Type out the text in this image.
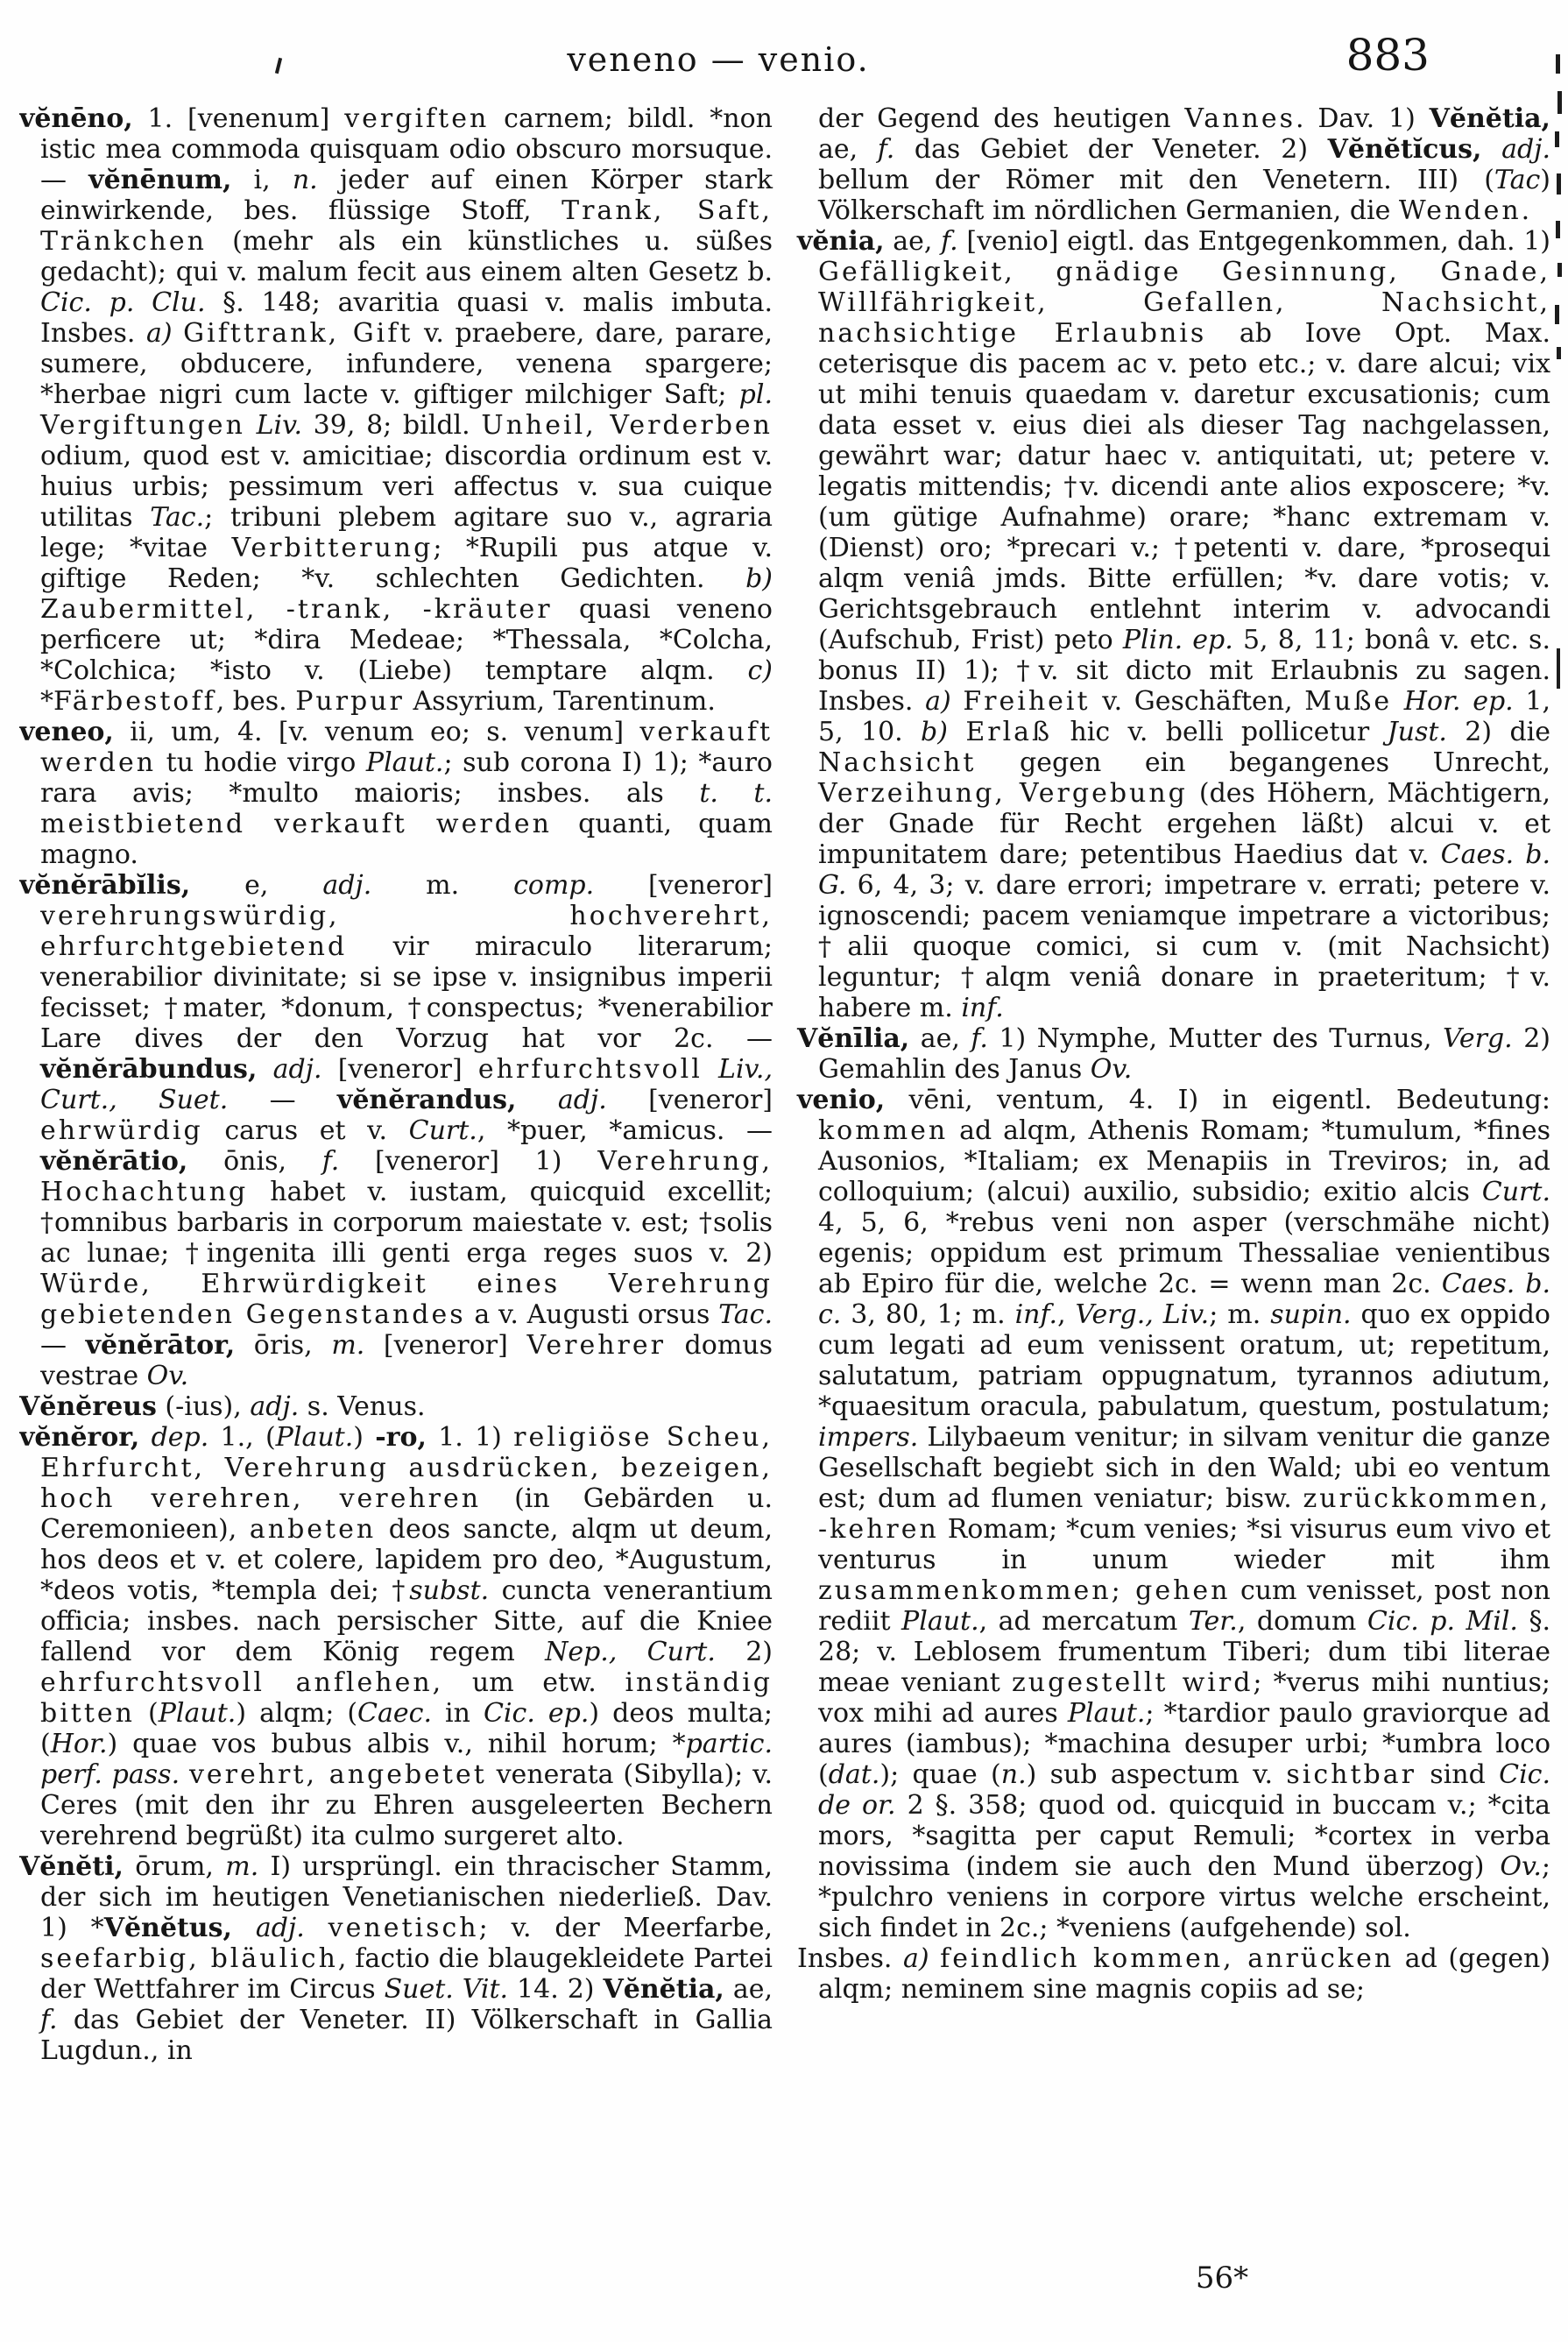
veneno — venio.	883

vĕnēno, 1. [venenum] vergiften carnem; bildl. *non istic mea commoda quisquam odio obscuro morsuque. — vĕnēnum, i, n. jeder auf einen Körper stark einwirkende, bes. flüssige Stoff, Trank, Saft, Tränkchen (mehr als ein künstliches u. süßes gedacht); qui v. malum fecit aus einem alten Gesetz b. Cic. p. Clu. §. 148; avaritia quasi v. malis imbuta. Insbes. a) Gifttrank, Gift v. praebere, dare, parare, sumere, obducere, infundere, venena spargere; *herbae nigri cum lacte v. giftiger milchiger Saft; pl. Vergiftungen Liv. 39, 8; bildl. Unheil, Verderben odium, quod est v. amicitiae; discordia ordinum est v. huius urbis; pessimum veri affectus v. sua cuique utilitas Tac.; tribuni plebem agitare suo v., agraria lege; *vitae Verbitterung; *Rupili pus atque v. giftige Reden; *v. schlechten Gedichten. b) Zaubermittel, -trank, -kräuter quasi veneno perficere ut; *dira Medeae; *Thessala, *Colcha, *Colchica; *isto v. (Liebe) temptare alqm. c) *Färbestoff, bes. Purpur Assyrium, Tarentinum.

veneo, ii, um, 4. [v. venum eo; s. venum] verkauft werden tu hodie virgo Plaut.; sub corona I) 1); *auro rara avis; *multo maioris; insbes. als t. t. meistbietend verkauft werden quanti, quam magno.

vĕnĕrābĭlis, e, adj. m. comp. [veneror] verehrungswürdig, hochverehrt, ehrfurchtgebietend vir miraculo literarum; venerabilior divinitate; si se ipse v. insignibus imperii fecisset; †mater, *donum, †conspectus; *venerabilior Lare dives der den Vorzug hat vor 2c. — vĕnĕrābundus, adj. [veneror] ehrfurchtsvoll Liv., Curt., Suet. — vĕnĕrandus, adj. [veneror] ehrwürdig carus et v. Curt., *puer, *amicus. — vĕnĕrātio, ōnis, f. [veneror] 1) Verehrung, Hochachtung habet v. iustam, quicquid excellit; †omnibus barbaris in corporum maiestate v. est; †solis ac lunae; †ingenita illi genti erga reges suos v. 2) Würde, Ehrwürdigkeit eines Verehrung gebietenden Gegenstandes a v. Augusti orsus Tac. — vĕnĕrātor, ōris, m. [veneror] Verehrer domus vestrae Ov.

Vĕnĕreus (-ius), adj. s. Venus.

vĕnĕror, dep. 1., (Plaut.) -ro, 1. 1) religiöse Scheu, Ehrfurcht, Verehrung ausdrücken, bezeigen, hoch verehren, verehren (in Gebärden u. Ceremonieen), anbeten deos sancte, alqm ut deum, hos deos et v. et colere, lapidem pro deo, *Augustum, *deos votis, *templa dei; †subst. cuncta venerantium officia; insbes. nach persischer Sitte, auf die Kniee fallend vor dem König regem Nep., Curt. 2) ehrfurchtsvoll anflehen, um etw. inständig bitten (Plaut.) alqm; (Caec. in Cic. ep.) deos multa; (Hor.) quae vos bubus albis v., nihil horum; *partic. perf. pass. verehrt, angebetet venerata (Sibylla); v. Ceres (mit den ihr zu Ehren ausgeleerten Bechern verehrend begrüßt) ita culmo surgeret alto.

Vĕnĕti, ōrum, m. I) ursprüngl. ein thracischer Stamm, der sich im heutigen Venetianischen niederließ. Dav. 1) *Vĕnĕtus, adj. venetisch; v. der Meerfarbe, seefarbig, bläulich, factio die blaugekleidete Partei der Wettfahrer im Circus Suet. Vit. 14. 2) Vĕnĕtia, ae, f. das Gebiet der Veneter. II) Völkerschaft in Gallia Lugdun., in

der Gegend des heutigen Vannes. Dav. 1) Vĕnĕtia, ae, f. das Gebiet der Veneter. 2) Vĕnĕtĭcus, adj. bellum der Römer mit den Venetern. III) (Tac) Völkerschaft im nördlichen Germanien, die Wenden.

vĕnia, ae, f. [venio] eigtl. das Entgegenkommen, dah. 1) Gefälligkeit, gnädige Gesinnung, Gnade, Willfährigkeit, Gefallen, Nachsicht, nachsichtige Erlaubnis ab Iove Opt. Max. ceterisque dis pacem ac v. peto etc.; v. dare alcui; vix ut mihi tenuis quaedam v. daretur excusationis; cum data esset v. eius diei als dieser Tag nachgelassen, gewährt war; datur haec v. antiquitati, ut; petere v. legatis mittendis; †v. dicendi ante alios exposcere; *v. (um gütige Aufnahme) orare; *hanc extremam v. (Dienst) oro; *precari v.; †petenti v. dare, *prosequi alqm veniâ jmds. Bitte erfüllen; *v. dare votis; v. Gerichtsgebrauch entlehnt interim v. advocandi (Aufschub, Frist) peto Plin. ep. 5, 8, 11; bonâ v. etc. s. bonus II) 1); †v. sit dicto mit Erlaubnis zu sagen. Insbes. a) Freiheit v. Geschäften, Muße Hor. ep. 1, 5, 10. b) Erlaß hic v. belli pollicetur Just. 2) die Nachsicht gegen ein begangenes Unrecht, Verzeihung, Vergebung (des Höhern, Mächtigern, der Gnade für Recht ergehen läßt) alcui v. et impunitatem dare; petentibus Haedius dat v. Caes. b. G. 6, 4, 3; v. dare errori; impetrare v. errati; petere v. ignoscendi; pacem veniamque impetrare a victoribus; †alii quoque comici, si cum v. (mit Nachsicht) leguntur; †alqm veniâ donare in praeteritum; †v. habere m. inf.

Vĕnīlia, ae, f. 1) Nymphe, Mutter des Turnus, Verg. 2) Gemahlin des Janus Ov.

venio, vēni, ventum, 4. I) in eigentl. Bedeutung: kommen ad alqm, Athenis Romam; *tumulum, *fines Ausonios, *Italiam; ex Menapiis in Treviros; in, ad colloquium; (alcui) auxilio, subsidio; exitio alcis Curt. 4, 5, 6, *rebus veni non asper (verschmähe nicht) egenis; oppidum est primum Thessaliae venientibus ab Epiro für die, welche 2c. = wenn man 2c. Caes. b. c. 3, 80, 1; m. inf., Verg., Liv.; m. supin. quo ex oppido cum legati ad eum venissent oratum, ut; repetitum, salutatum, patriam oppugnatum, tyrannos adiutum, *quaesitum oracula, pabulatum, questum, postulatum; impers. Lilybaeum venitur; in silvam venitur die ganze Gesellschaft begiebt sich in den Wald; ubi eo ventum est; dum ad flumen veniatur; bisw. zurückkommen, -kehren Romam; *cum venies; *si visurus eum vivo et venturus in unum wieder mit ihm zusammenkommen; gehen cum venisset, post non rediit Plaut., ad mercatum Ter., domum Cic. p. Mil. §. 28; v. Leblosem frumentum Tiberi; dum tibi literae meae veniant zugestellt wird; *verus mihi nuntius; vox mihi ad aures Plaut.; *tardior paulo graviorque ad aures (iambus); *machina desuper urbi; *umbra loco (dat.); quae (n.) sub aspectum v. sichtbar sind Cic. de or. 2 §. 358; quod od. quicquid in buccam v.; *cita mors, *sagitta per caput Remuli; *cortex in verba novissima (indem sie auch den Mund überzog) Ov.; *pulchro veniens in corpore virtus welche erscheint, sich findet in 2c.; *veniens (aufgehende) sol.

Insbes. a) feindlich kommen, anrücken ad (gegen) alqm; neminem sine magnis copiis ad se;

56*
